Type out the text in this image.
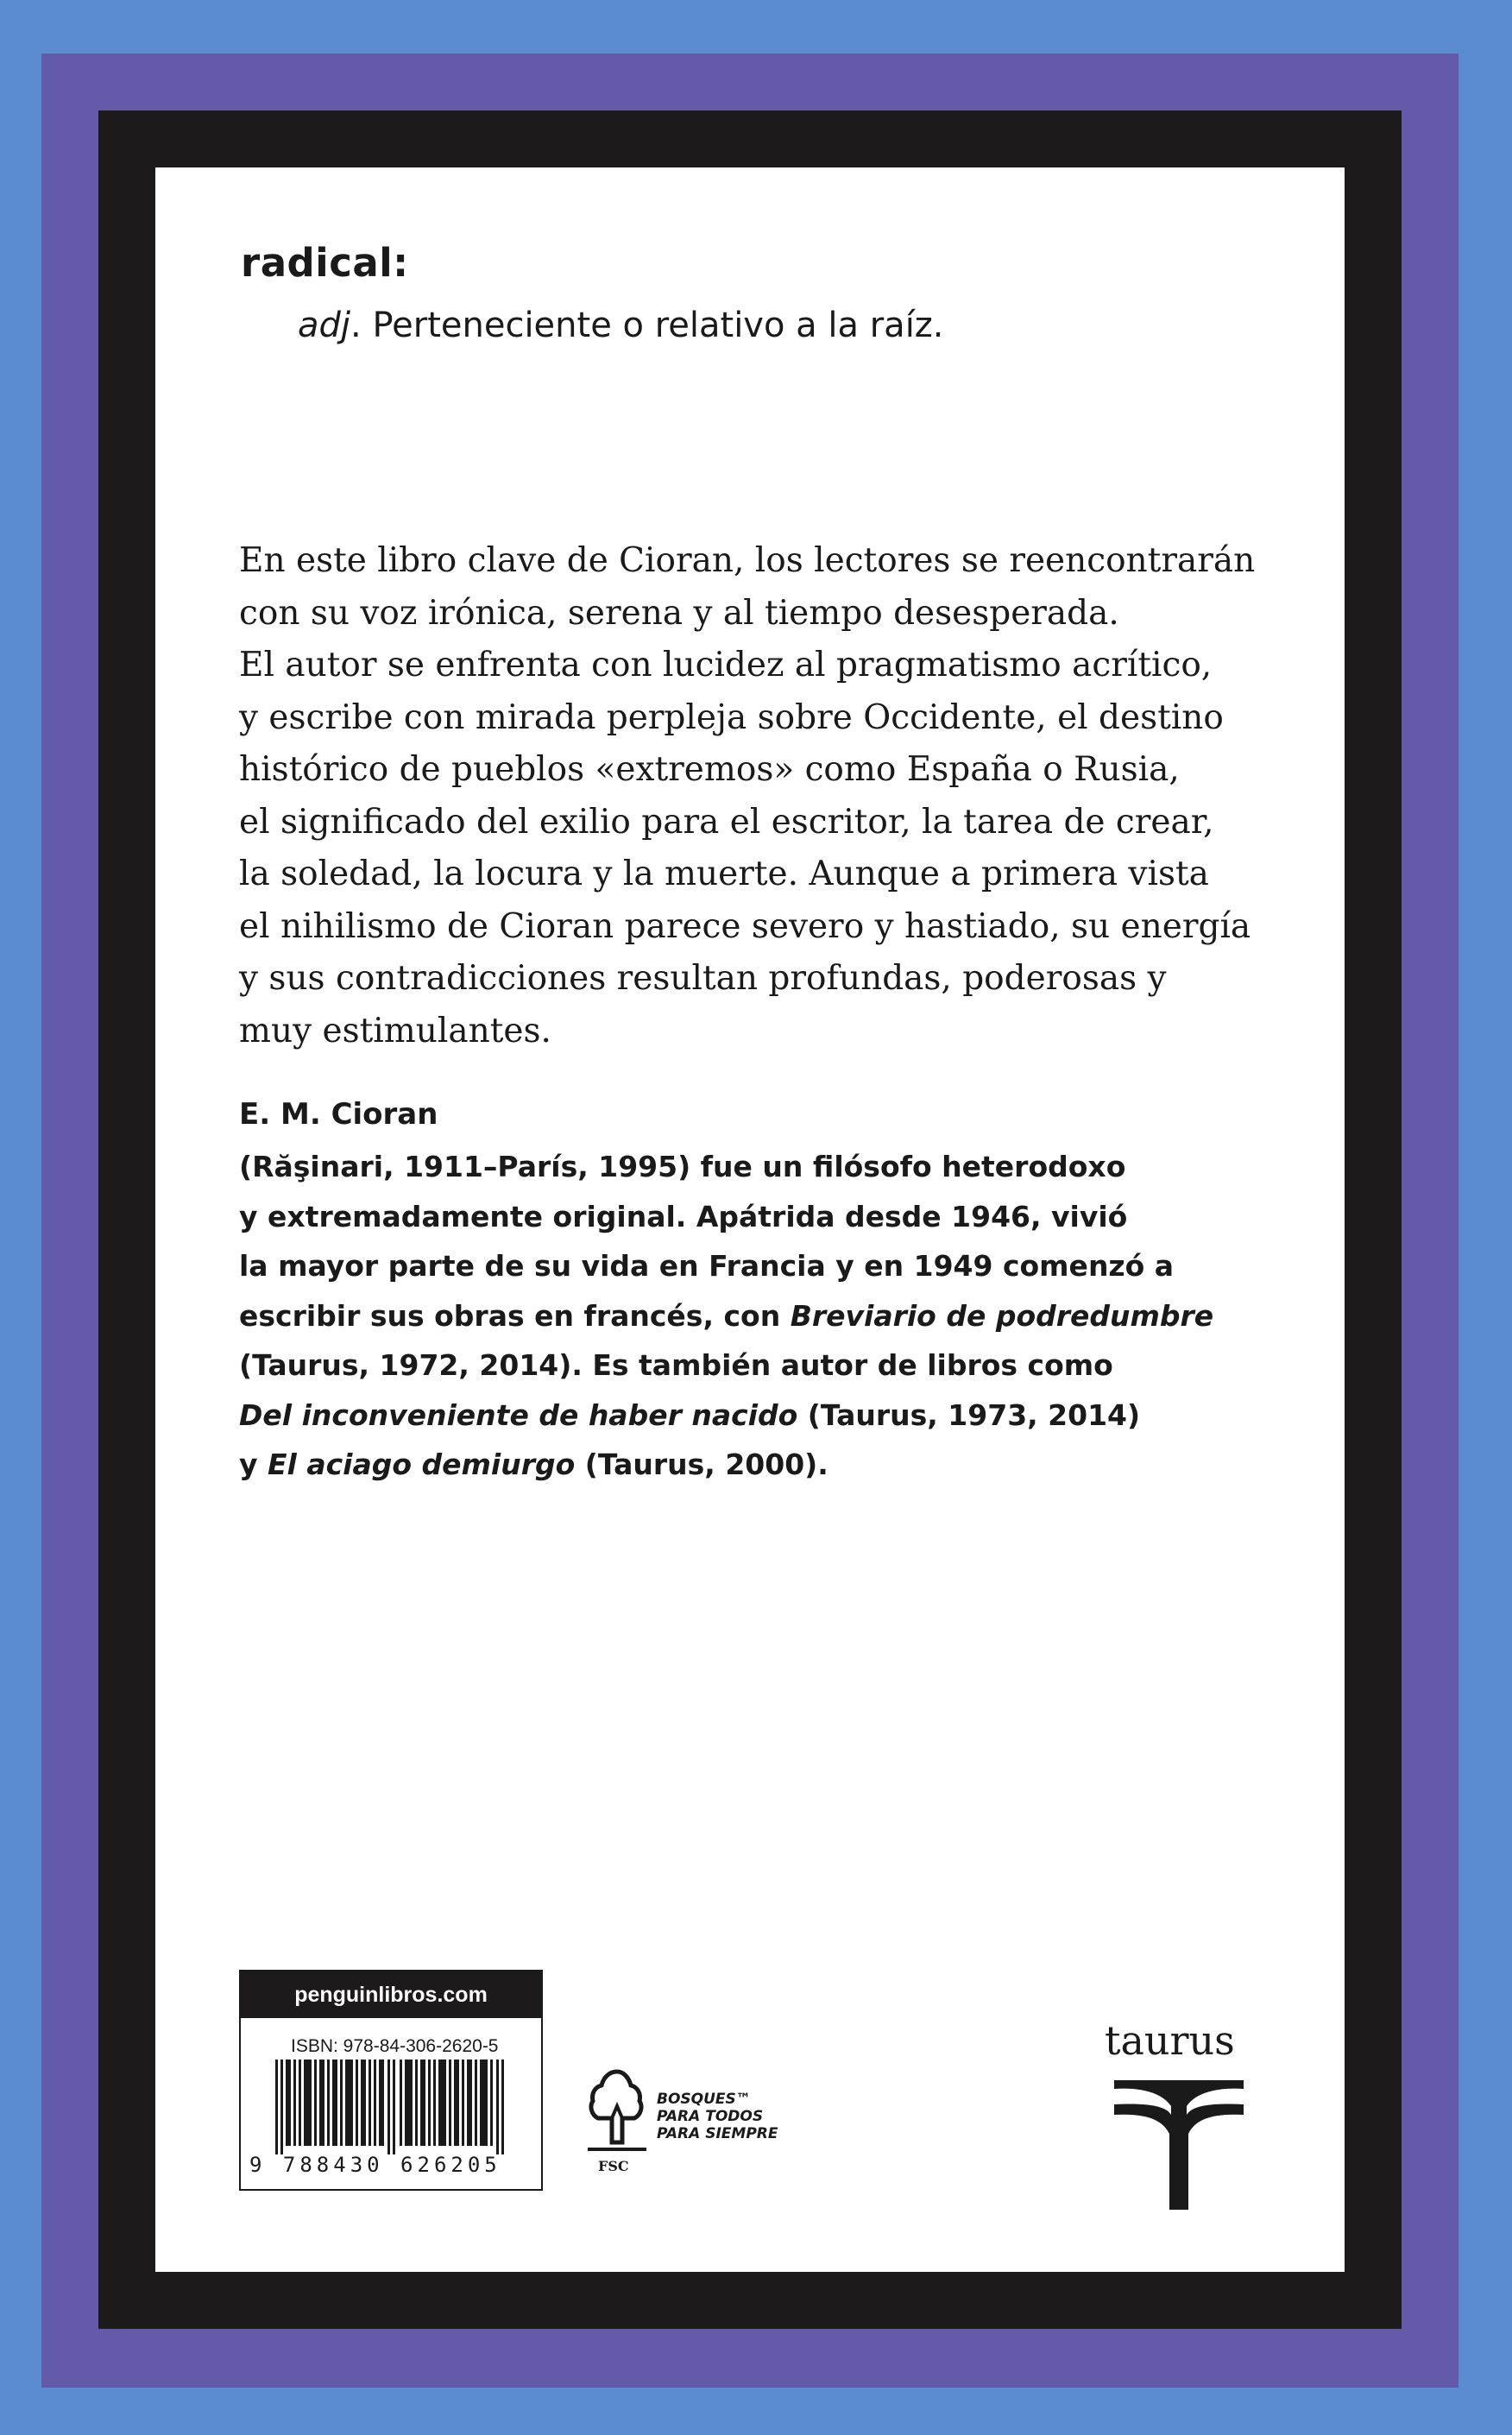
radical:
adj. Perteneciente o relativo a la raíz.
En este libro clave de Cioran, los lectores se reencontrarán
con su voz irónica, serena y al tiempo desesperada.
El autor se enfrenta con lucidez al pragmatismo acrítico,
y escribe con mirada perpleja sobre Occidente, el destino
histórico de pueblos «extremos» como España o Rusia,
el significado del exilio para el escritor, la tarea de crear,
la soledad, la locura y la muerte. Aunque a primera vista
el nihilismo de Cioran parece severo y hastiado, su energía
y sus contradicciones resultan profundas, poderosas y
muy estimulantes.
E. M. Cioran
(Răşinari, 1911–París, 1995) fue un filósofo heterodoxo
y extremadamente original. Apátrida desde 1946, vivió
la mayor parte de su vida en Francia y en 1949 comenzó a
escribir sus obras en francés, con Breviario de podredumbre
(Taurus, 1972, 2014). Es también autor de libros como
Del inconveniente de haber nacido (Taurus, 1973, 2014)
y El aciago demiurgo (Taurus, 2000).
penguinlibros.com
ISBN: 978-84-306-2620-5
9 788430 626205
BOSQUES™
PARA TODOS
PARA SIEMPRE
FSC
taurus
